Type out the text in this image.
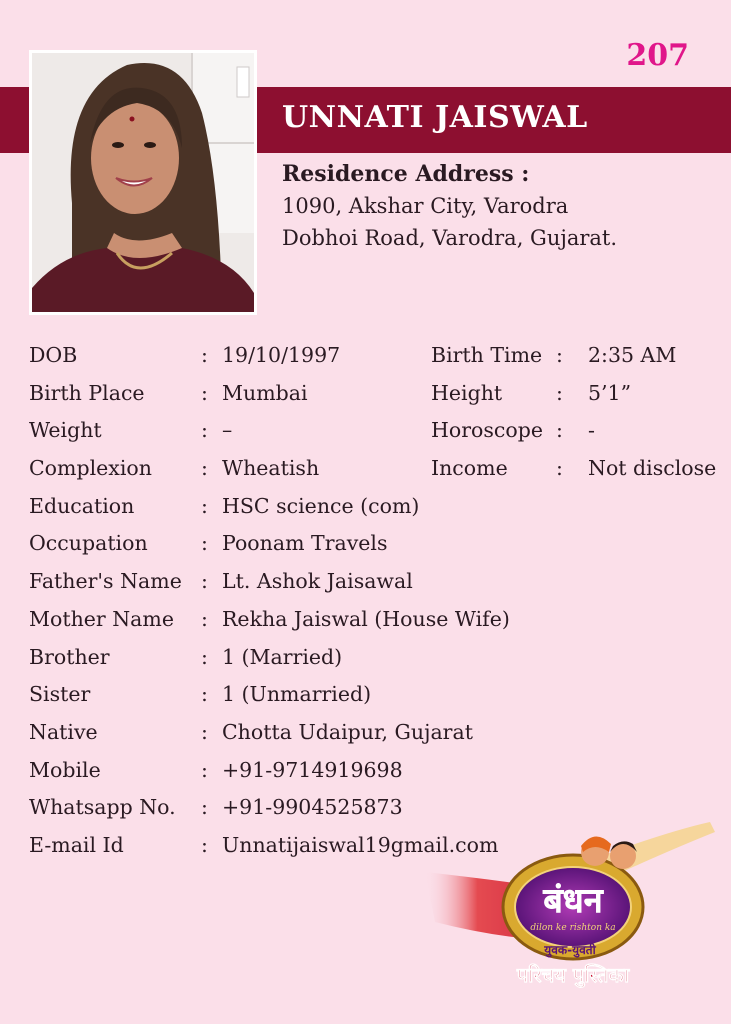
207
UNNATI JAISWAL
Residence Address :
1090, Akshar City, Varodra
Dobhoi Road, Varodra, Gujarat.
DOB	: 19/10/1997	Birth Time : 2:35 AM
Birth Place	: Mumbai	Height	: 5’1”
Weight	: –	Horoscope : -
Complexion : Wheatish	Income : Not disclose
Education	: HSC science (com)
Occupation	: Poonam Travels
Father's Name : Lt. Ashok Jaisawal
Mother Name : Rekha Jaiswal (House Wife)
Brother	: 1 (Married)
Sister	: 1 (Unmarried)
Native	: Chotta Udaipur, Gujarat
Mobile	: +91-9714919698
Whatsapp No. : +91-9904525873
E-mail Id	: Unnatijaiswal19gmail.com
बंधन
dilon ke rishton ka
युवक-युवती
परिचय पुस्तिका
